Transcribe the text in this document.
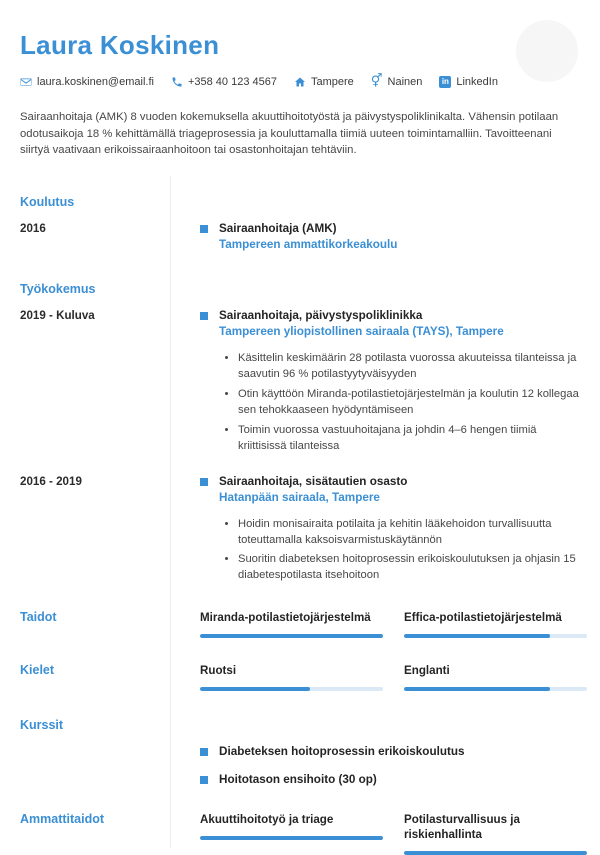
Laura Koskinen
laura.koskinen@email.fi	+358 40 123 4567	Tampere ⚥ Nainen	in LinkedIn
Sairaanhoitaja (AMK) 8 vuoden kokemuksella akuuttihoitotyöstä ja päivystyspoliklinikalta. Vähensin potilaan odotusaikoja 18 % kehittämällä triageprosessia ja kouluttamalla tiimiä uuteen toimintamalliin. Tavoitteenani siirtyä vaativaan erikoissairaanhoitoon tai osastonhoitajan tehtäviin.
Koulutus
2016	Sairaanhoitaja (AMK)
Tampereen ammattikorkeakoulu
Työkokemus
2019 - Kuluva	Sairaanhoitaja, päivystyspoliklinikka
Tampereen yliopistollinen sairaala (TAYS), Tampere
• Käsittelin keskimäärin 28 potilasta vuorossa akuuteissa tilanteissa ja saavutin 96 % potilastyytyväisyyden
• Otin käyttöön Miranda-potilastietojärjestelmän ja koulutin 12 kollegaa sen tehokkaaseen hyödyntämiseen
• Toimin vuorossa vastuuhoitajana ja johdin 4–6 hengen tiimiä kriittisissä tilanteissa
2016 - 2019	Sairaanhoitaja, sisätautien osasto
Hatanpään sairaala, Tampere
• Hoidin monisairaita potilaita ja kehitin lääkehoidon turvallisuutta toteuttamalla kaksoisvarmistuskäytännön
• Suoritin diabeteksen hoitoprosessin erikoiskoulutuksen ja ohjasin 15 diabetespotilasta itsehoitoon
Taidot	Miranda-potilastietojärjestelmä	Effica-potilastietojärjestelmä
Kielet	Ruotsi	Englanti
Kurssit
Diabeteksen hoitoprosessin erikoiskoulutus
Hoitotason ensihoito (30 op)
Ammattitaidot	Akuuttihoitotyö ja triage	Potilasturvallisuus ja riskienhallinta
